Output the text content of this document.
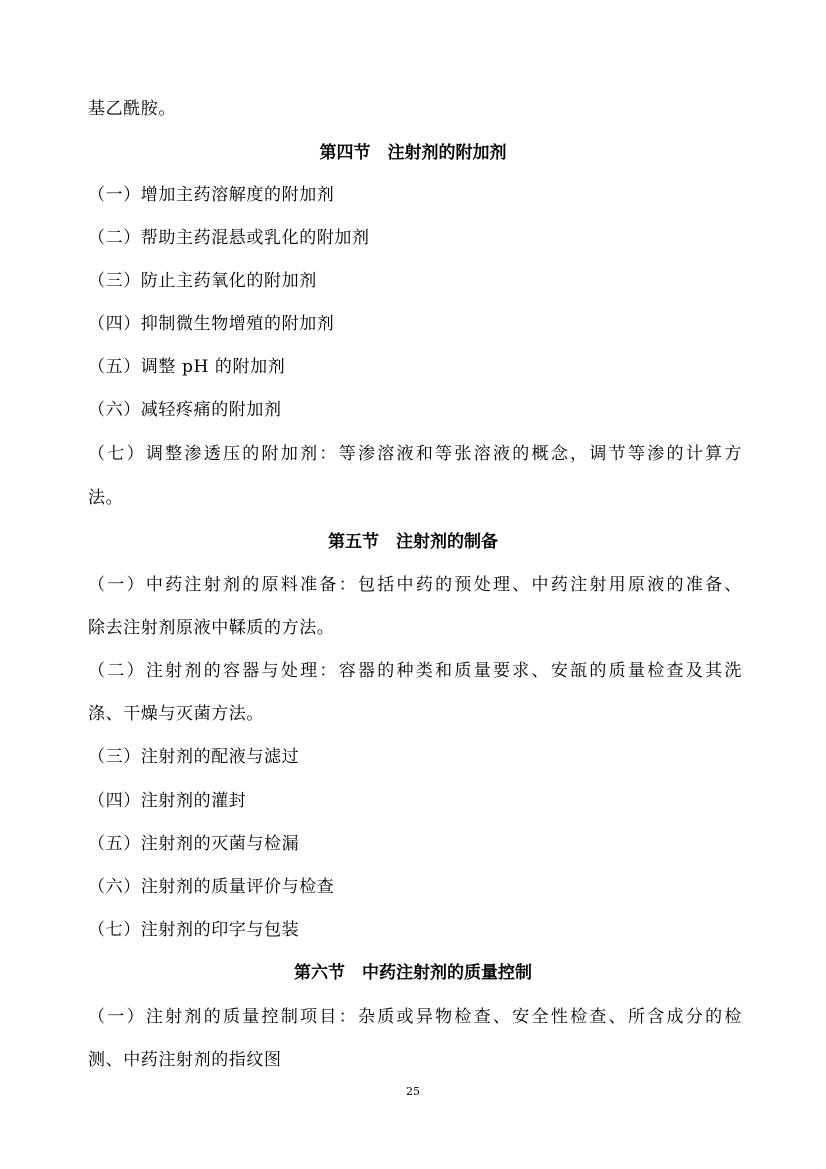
基乙酰胺。
第四节　注射剂的附加剂
（一）增加主药溶解度的附加剂
（二）帮助主药混悬或乳化的附加剂
（三）防止主药氧化的附加剂
（四）抑制微生物增殖的附加剂
（五）调整 pH 的附加剂
（六）减轻疼痛的附加剂
（七）调整渗透压的附加剂：等渗溶液和等张溶液的概念，调节等渗的计算方
法。
第五节　注射剂的制备
（一）中药注射剂的原料准备：包括中药的预处理、中药注射用原液的准备、
除去注射剂原液中鞣质的方法。
（二）注射剂的容器与处理：容器的种类和质量要求、安瓿的质量检查及其洗
涤、干燥与灭菌方法。
（三）注射剂的配液与滤过
（四）注射剂的灌封
（五）注射剂的灭菌与检漏
（六）注射剂的质量评价与检查
（七）注射剂的印字与包装
第六节　中药注射剂的质量控制
（一）注射剂的质量控制项目：杂质或异物检查、安全性检查、所含成分的检
测、中药注射剂的指纹图
25
